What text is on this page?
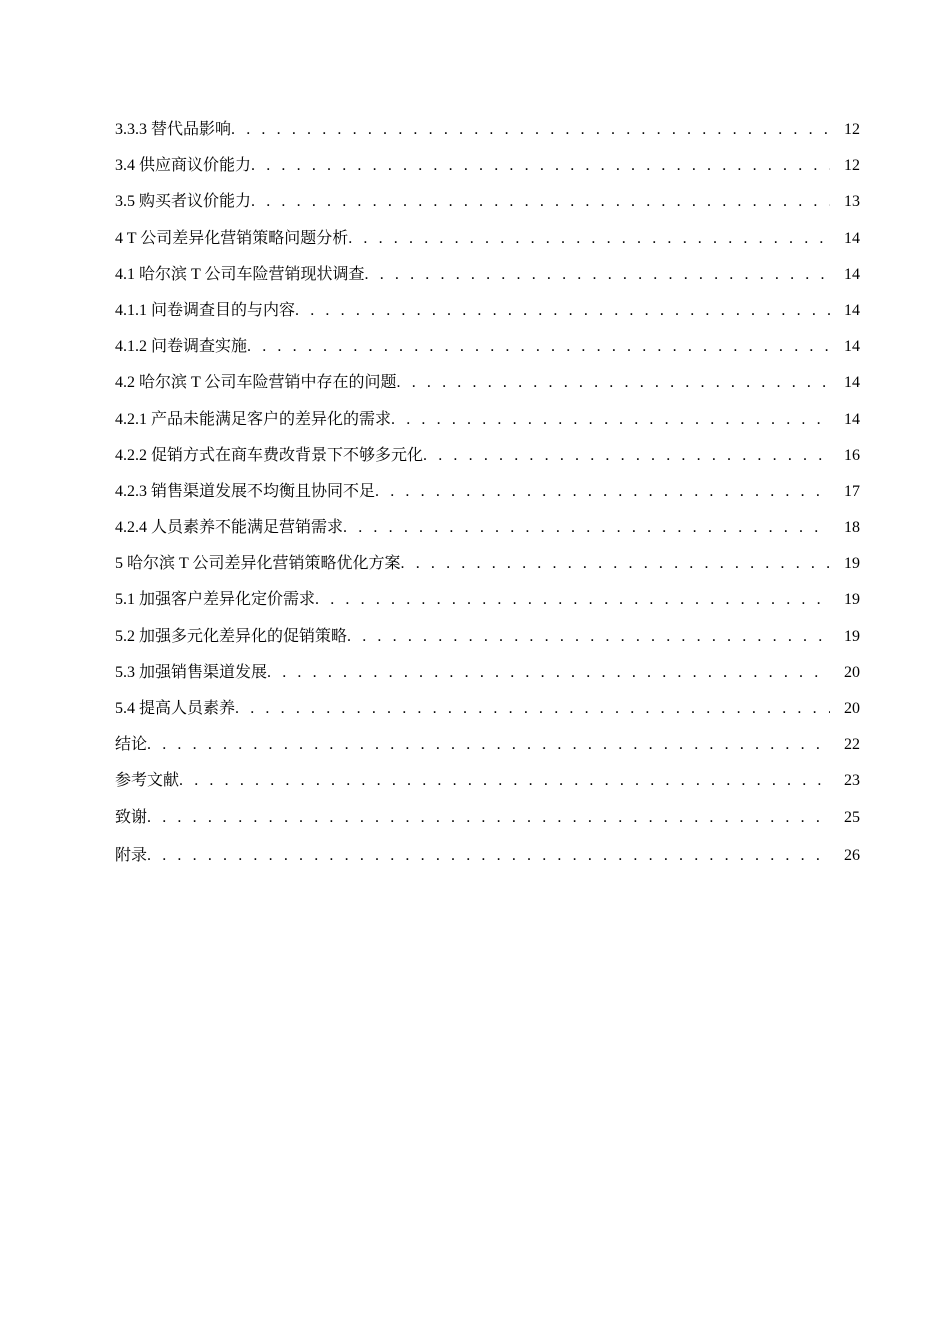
3.3.3 替代品影响 . . .	12
3.4 供应商议价能力 . . .	12
3.5 购买者议价能力 . . .	13
4 T 公司差异化营销策略问题分析 . . .	14
4.1 哈尔滨 T 公司车险营销现状调查 . . .	14
4.1.1 问卷调查目的与内容 . . .	14
4.1.2 问卷调查实施 . . .	14
4.2 哈尔滨 T 公司车险营销中存在的问题 . . .	14
4.2.1 产品未能满足客户的差异化的需求 . . .	14
4.2.2 促销方式在商车费改背景下不够多元化 . . .	16
4.2.3 销售渠道发展不均衡且协同不足 . . .	17
4.2.4 人员素养不能满足营销需求 . . .	18
5 哈尔滨 T 公司差异化营销策略优化方案 . . .	19
5.1 加强客户差异化定价需求 . . .	19
5.2 加强多元化差异化的促销策略 . . .	19
5.3 加强销售渠道发展 . . .	20
5.4 提高人员素养 . . .	20
结论 . . .	22
参考文献 . . .	23
致谢 . . .	25
附录 . . .	26
